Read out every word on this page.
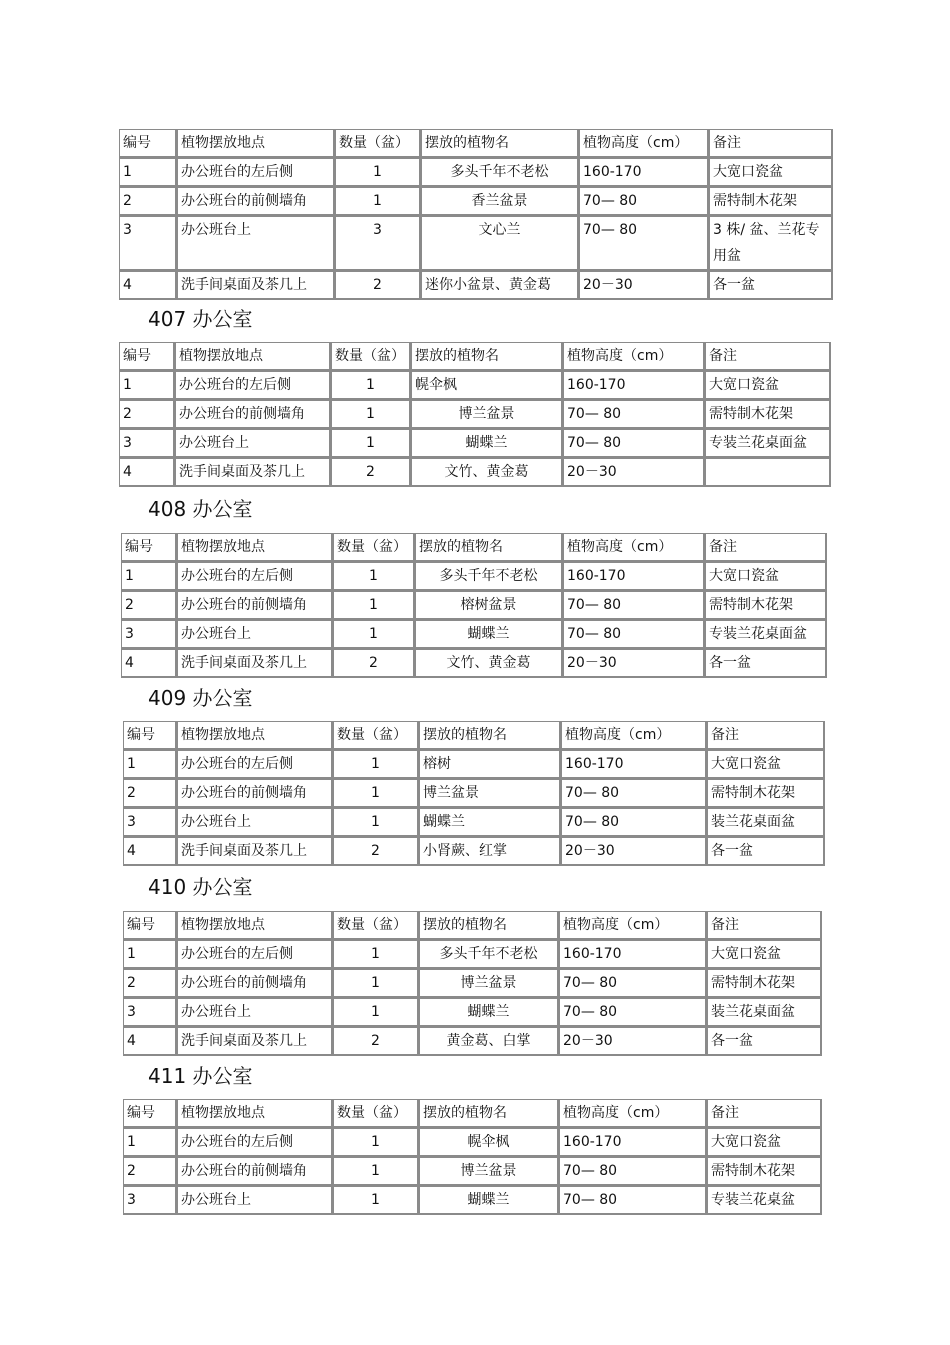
编号	植物摆放地点	数量（盆）	摆放的植物名	植物高度（cm）	备注
1	办公班台的左后侧	1	多头千年不老松	160-170	大宽口瓷盆
2	办公班台的前侧墙角	1	香兰盆景	70— 80	需特制木花架
3	办公班台上	3	文心兰	70— 80	3 株/ 盆、兰花专用盆
4	洗手间桌面及茶几上	2	迷你小盆景、黄金葛	20－30	各一盆
407 办公室
编号	植物摆放地点	数量（盆）	摆放的植物名	植物高度（cm）	备注
1	办公班台的左后侧	1	幌伞枫	160-170	大宽口瓷盆
2	办公班台的前侧墙角	1	博兰盆景	70— 80	需特制木花架
3	办公班台上	1	蝴蝶兰	70— 80	专装兰花桌面盆
4	洗手间桌面及茶几上	2	文竹、黄金葛	20－30	
408 办公室
编号	植物摆放地点	数量（盆）	摆放的植物名	植物高度（cm）	备注
1	办公班台的左后侧	1	多头千年不老松	160-170	大宽口瓷盆
2	办公班台的前侧墙角	1	榕树盆景	70— 80	需特制木花架
3	办公班台上	1	蝴蝶兰	70— 80	专装兰花桌面盆
4	洗手间桌面及茶几上	2	文竹、黄金葛	20－30	各一盆
409 办公室
编号	植物摆放地点	数量（盆）	摆放的植物名	植物高度（cm）	备注
1	办公班台的左后侧	1	榕树	160-170	大宽口瓷盆
2	办公班台的前侧墙角	1	博兰盆景	70— 80	需特制木花架
3	办公班台上	1	蝴蝶兰	70— 80	装兰花桌面盆
4	洗手间桌面及茶几上	2	小肾蕨、红掌	20－30	各一盆
410 办公室
编号	植物摆放地点	数量（盆）	摆放的植物名	植物高度（cm）	备注
1	办公班台的左后侧	1	多头千年不老松	160-170	大宽口瓷盆
2	办公班台的前侧墙角	1	博兰盆景	70— 80	需特制木花架
3	办公班台上	1	蝴蝶兰	70— 80	装兰花桌面盆
4	洗手间桌面及茶几上	2	黄金葛、白掌	20－30	各一盆
411 办公室
编号	植物摆放地点	数量（盆）	摆放的植物名	植物高度（cm）	备注
1	办公班台的左后侧	1	幌伞枫	160-170	大宽口瓷盆
2	办公班台的前侧墙角	1	博兰盆景	70— 80	需特制木花架
3	办公班台上	1	蝴蝶兰	70— 80	专装兰花桌盆
